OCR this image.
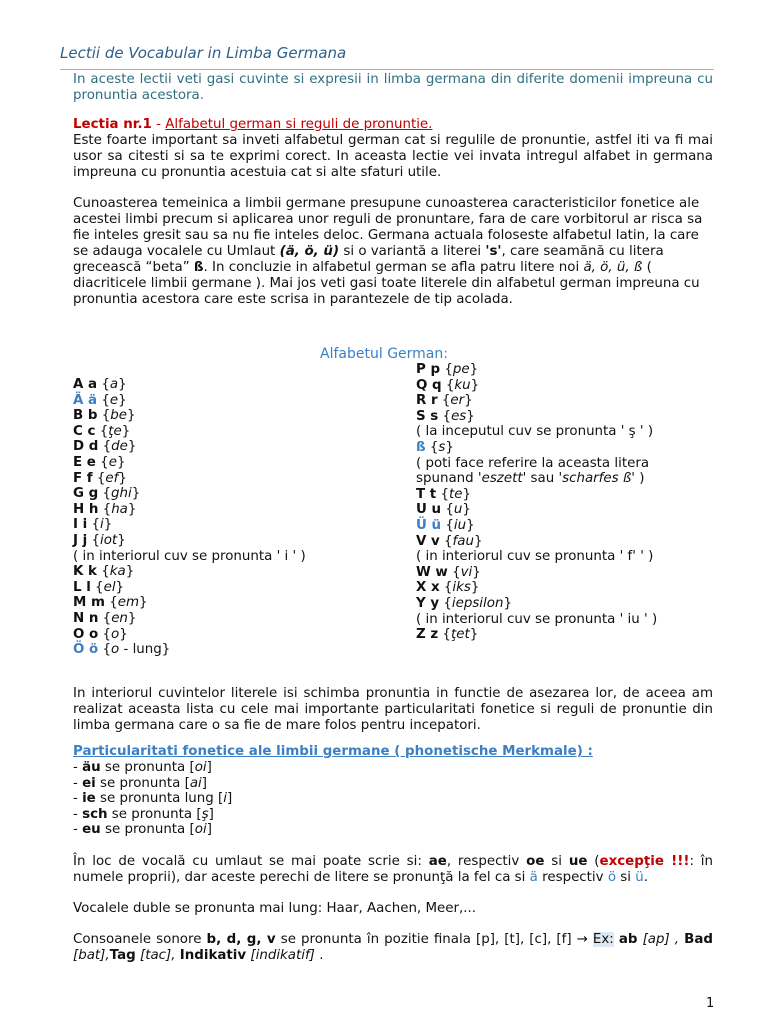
Lectii de Vocabular in Limba Germana
In aceste lectii veti gasi cuvinte si expresii in limba germana din diferite domenii impreuna cu pronuntia acestora.
Lectia nr.1 - Alfabetul german si reguli de pronuntie.
Este foarte important sa inveti alfabetul german cat si regulile de pronuntie, astfel iti va fi mai usor sa citesti si sa te exprimi corect. In aceasta lectie vei invata intregul alfabet in germana impreuna cu pronuntia acestuia cat si alte sfaturi utile.
Cunoasterea temeinica a limbii germane presupune cunoasterea caracteristicilor fonetice ale acestei limbi precum si aplicarea unor reguli de pronuntare, fara de care vorbitorul ar risca sa fie inteles gresit sau sa nu fie inteles deloc. Germana actuala foloseste alfabetul latin, la care se adauga vocalele cu Umlaut (ä, ö, ü) si o variantă a literei 's', care seamănă cu litera grecească “beta” ß. In concluzie in alfabetul german se afla patru litere noi ä, ö, ü, ß ( diacriticele limbii germane ). Mai jos veti gasi toate literele din alfabetul german impreuna cu pronuntia acestora care este scrisa in parantezele de tip acolada.
Alfabetul German:
A a {a}
Ä ä {e}
B b {be}
C c {ţe}
D d {de}
E e {e}
F f {ef}
G g {ghi}
H h {ha}
I i {i}
J j {iot}
( in interiorul cuv se pronunta ' i ' )
K k {ka}
L l {el}
M m {em}
N n {en}
O o {o}
Ö ö {o - lung}
P p {pe}
Q q {ku}
R r {er}
S s {es}
( la inceputul cuv se pronunta ' ş ' )
ß {s}
( poti face referire la aceasta litera
spunand 'eszett' sau 'scharfes ß' )
T t {te}
U u {u}
Ü ü {iu}
V v {fau}
( in interiorul cuv se pronunta ' f' ' )
W w {vi}
X x {iks}
Y y {iepsilon}
( in interiorul cuv se pronunta ' iu ' )
Z z {ţet}
In interiorul cuvintelor literele isi schimba pronuntia in functie de asezarea lor, de aceea am realizat aceasta lista cu cele mai importante particularitati fonetice si reguli de pronuntie din limba germana care o sa fie de mare folos pentru incepatori.
Particularitati fonetice ale limbii germane ( phonetische Merkmale) :
- äu se pronunta [oi]
- ei se pronunta [ai]
- ie se pronunta lung [i]
- sch se pronunta [ş]
- eu se pronunta [oi]
În loc de vocală cu umlaut se mai poate scrie si: ae, respectiv oe si ue (excepţie !!!: în numele proprii), dar aceste perechi de litere se pronunţă la fel ca si ä respectiv ö si ü.
Vocalele duble se pronunta mai lung: Haar, Aachen, Meer,...
Consoanele sonore b, d, g, v se pronunta în pozitie finala [p], [t], [c], [f] → Ex: ab [ap] , Bad [bat],Tag [tac], Indikativ [indikatif] .
1
